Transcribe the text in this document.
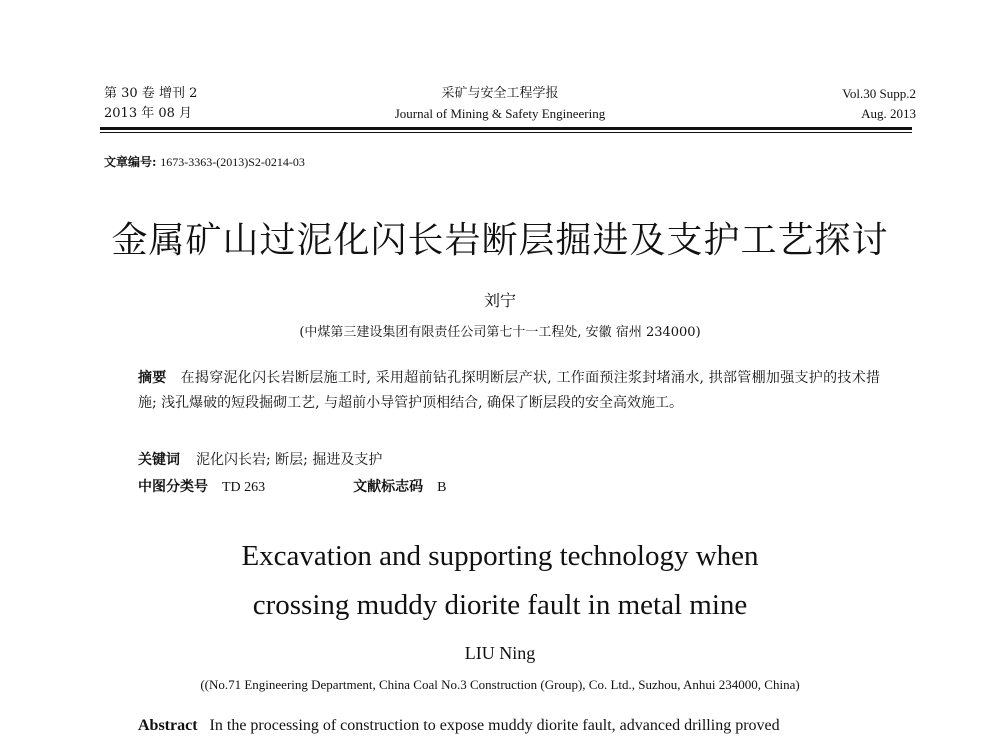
第 30 卷 增刊 2
2013 年 08 月
采矿与安全工程学报
Journal of Mining & Safety Engineering
Vol.30 Supp.2
Aug. 2013
文章编号: 1673-3363-(2013)S2-0214-03
金属矿山过泥化闪长岩断层掘进及支护工艺探讨
刘宁
(中煤第三建设集团有限责任公司第七十一工程处, 安徽 宿州 234000)
摘要 在揭穿泥化闪长岩断层施工时, 采用超前钻孔探明断层产状, 工作面预注浆封堵涌水, 拱部管棚加强支护的技术措施; 浅孔爆破的短段掘砌工艺, 与超前小导管护顶相结合, 确保了断层段的安全高效施工。
关键词 泥化闪长岩; 断层; 掘进及支护
中图分类号 TD 263	文献标志码 B
Excavation and supporting technology when
crossing muddy diorite fault in metal mine
LIU Ning
((No.71 Engineering Department, China Coal No.3 Construction (Group), Co. Ltd., Suzhou, Anhui 234000, China)
Abstract In the processing of construction to expose muddy diorite fault, advanced drilling proved
